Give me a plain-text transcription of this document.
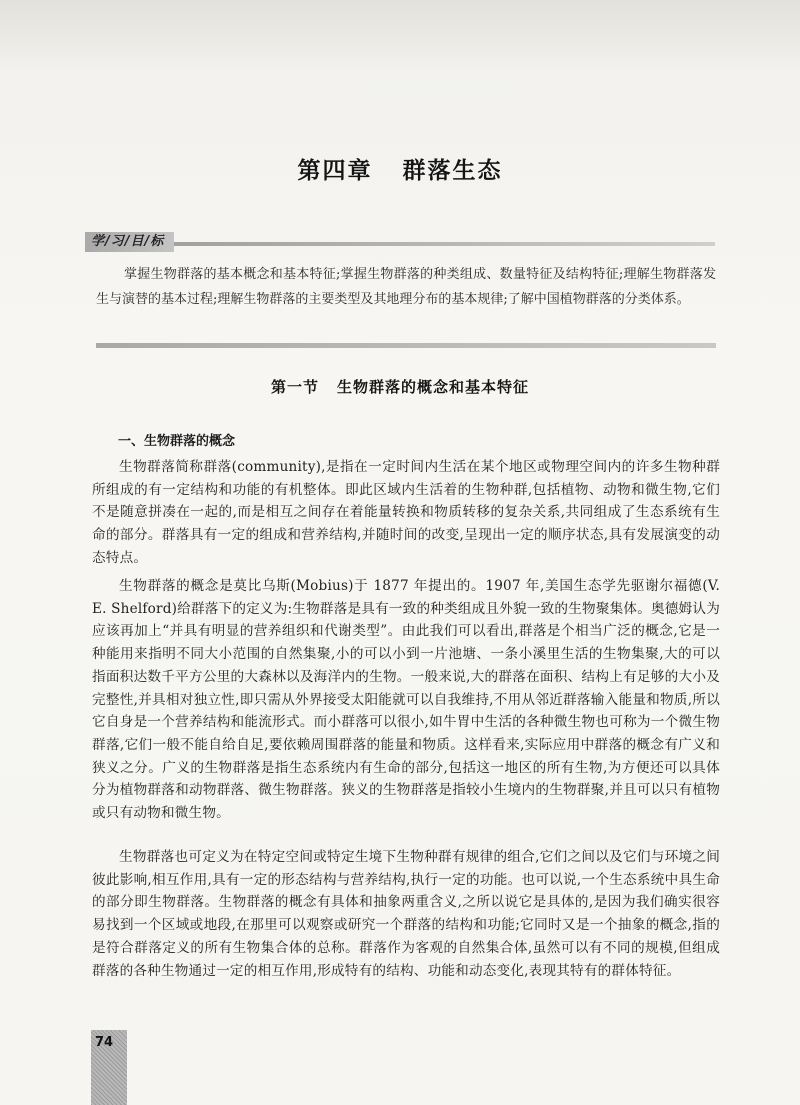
第四章 群落生态
学/习/目/标

掌握生物群落的基本概念和基本特征;掌握生物群落的种类组成、数量特征及结构特征;理解生物群落发生与演替的基本过程;理解生物群落的主要类型及其地理分布的基本规律;了解中国植物群落的分类体系。

第一节 生物群落的概念和基本特征
一、生物群落的概念

生物群落简称群落(community),是指在一定时间内生活在某个地区或物理空间内的许多生物种群所组成的有一定结构和功能的有机整体。即此区域内生活着的生物种群,包括植物、动物和微生物,它们不是随意拼凑在一起的,而是相互之间存在着能量转换和物质转移的复杂关系,共同组成了生态系统有生命的部分。群落具有一定的组成和营养结构,并随时间的改变,呈现出一定的顺序状态,具有发展演变的动态特点。

生物群落的概念是莫比乌斯(Mobius)于 1877 年提出的。1907 年,美国生态学先驱谢尔福德(V. E. Shelford)给群落下的定义为:生物群落是具有一致的种类组成且外貌一致的生物聚集体。奥德姆认为应该再加上“并具有明显的营养组织和代谢类型”。由此我们可以看出,群落是个相当广泛的概念,它是一种能用来指明不同大小范围的自然集聚,小的可以小到一片池塘、一条小溪里生活的生物集聚,大的可以指面积达数千平方公里的大森林以及海洋内的生物。一般来说,大的群落在面积、结构上有足够的大小及完整性,并具相对独立性,即只需从外界接受太阳能就可以自我维持,不用从邻近群落输入能量和物质,所以它自身是一个营养结构和能流形式。而小群落可以很小,如牛胃中生活的各种微生物也可称为一个微生物群落,它们一般不能自给自足,要依赖周围群落的能量和物质。这样看来,实际应用中群落的概念有广义和狭义之分。广义的生物群落是指生态系统内有生命的部分,包括这一地区的所有生物,为方便还可以具体分为植物群落和动物群落、微生物群落。狭义的生物群落是指较小生境内的生物群聚,并且可以只有植物或只有动物和微生物。

生物群落也可定义为在特定空间或特定生境下生物种群有规律的组合,它们之间以及它们与环境之间彼此影响,相互作用,具有一定的形态结构与营养结构,执行一定的功能。也可以说,一个生态系统中具生命的部分即生物群落。生物群落的概念有具体和抽象两重含义,之所以说它是具体的,是因为我们确实很容易找到一个区域或地段,在那里可以观察或研究一个群落的结构和功能;它同时又是一个抽象的概念,指的是符合群落定义的所有生物集合体的总称。群落作为客观的自然集合体,虽然可以有不同的规模,但组成群落的各种生物通过一定的相互作用,形成特有的结构、功能和动态变化,表现其特有的群体特征。

74
